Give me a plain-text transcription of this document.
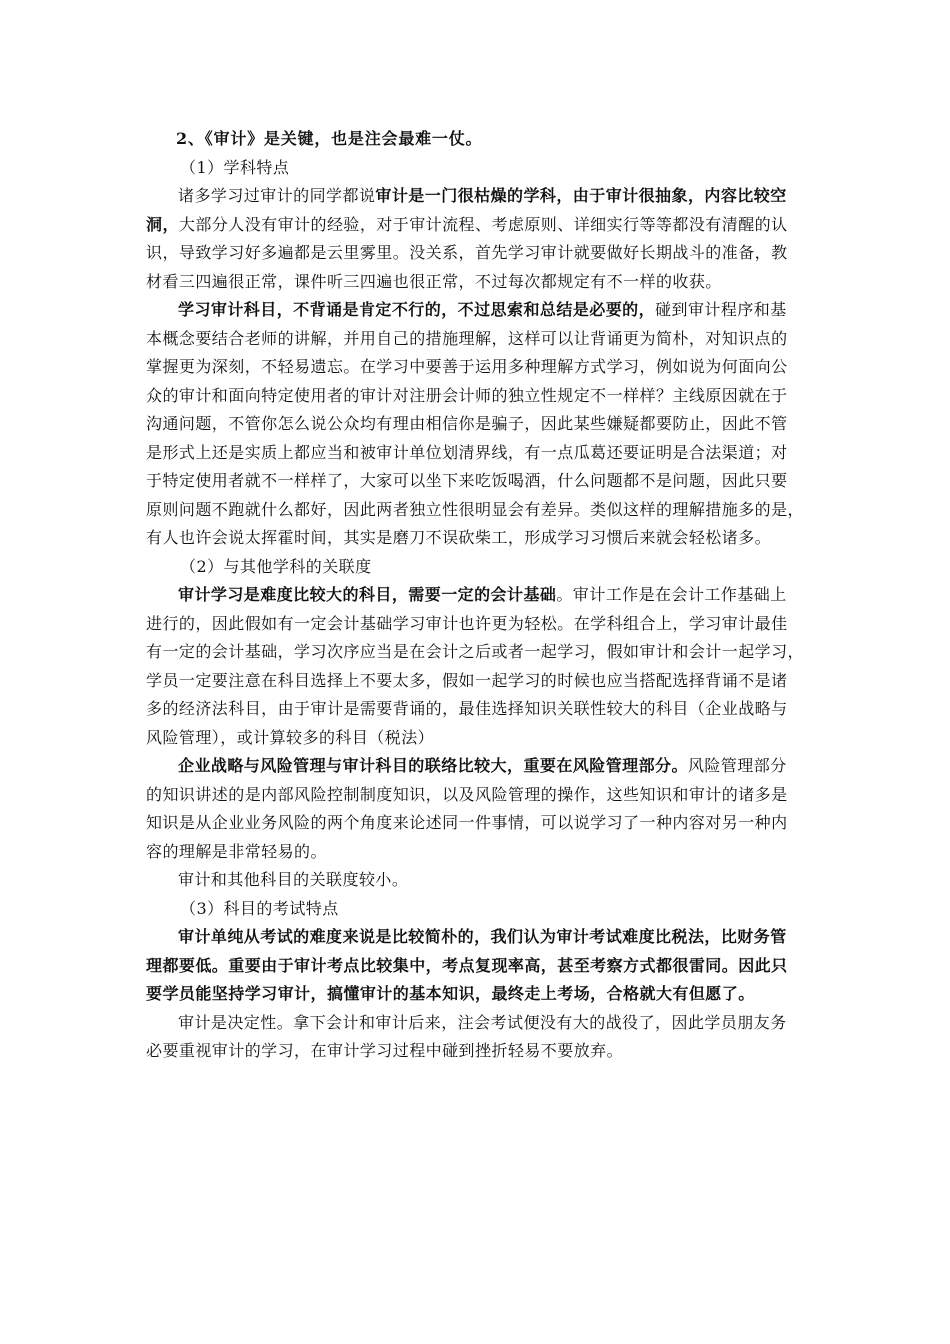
2、《审计》是关键，也是注会最难一仗。
（1）学科特点
诸多学习过审计的同学都说审计是一门很枯燥的学科，由于审计很抽象，内容比较空
洞，大部分人没有审计的经验，对于审计流程、考虑原则、详细实行等等都没有清醒的认
识，导致学习好多遍都是云里雾里。没关系，首先学习审计就要做好长期战斗的准备，教
材看三四遍很正常，课件听三四遍也很正常，不过每次都规定有不一样的收获。
学习审计科目，不背诵是肯定不行的，不过思索和总结是必要的，碰到审计程序和基
本概念要结合老师的讲解，并用自己的措施理解，这样可以让背诵更为简朴，对知识点的
掌握更为深刻，不轻易遗忘。在学习中要善于运用多种理解方式学习，例如说为何面向公
众的审计和面向特定使用者的审计对注册会计师的独立性规定不一样样？主线原因就在于
沟通问题，不管你怎么说公众均有理由相信你是骗子，因此某些嫌疑都要防止，因此不管
是形式上还是实质上都应当和被审计单位划清界线，有一点瓜葛还要证明是合法渠道；对
于特定使用者就不一样样了，大家可以坐下来吃饭喝酒，什么问题都不是问题，因此只要
原则问题不跑就什么都好，因此两者独立性很明显会有差异。类似这样的理解措施多的是，
有人也许会说太挥霍时间，其实是磨刀不误砍柴工，形成学习习惯后来就会轻松诸多。
（2）与其他学科的关联度
审计学习是难度比较大的科目，需要一定的会计基础。审计工作是在会计工作基础上
进行的，因此假如有一定会计基础学习审计也许更为轻松。在学科组合上，学习审计最佳
有一定的会计基础，学习次序应当是在会计之后或者一起学习，假如审计和会计一起学习，
学员一定要注意在科目选择上不要太多，假如一起学习的时候也应当搭配选择背诵不是诸
多的经济法科目，由于审计是需要背诵的，最佳选择知识关联性较大的科目（企业战略与
风险管理），或计算较多的科目（税法）
企业战略与风险管理与审计科目的联络比较大，重要在风险管理部分。风险管理部分
的知识讲述的是内部风险控制制度知识，以及风险管理的操作，这些知识和审计的诸多是
知识是从企业业务风险的两个角度来论述同一件事情，可以说学习了一种内容对另一种内
容的理解是非常轻易的。
审计和其他科目的关联度较小。
（3）科目的考试特点
审计单纯从考试的难度来说是比较简朴的，我们认为审计考试难度比税法，比财务管
理都要低。重要由于审计考点比较集中，考点复现率高，甚至考察方式都很雷同。因此只
要学员能坚持学习审计，搞懂审计的基本知识，最终走上考场，合格就大有但愿了。
审计是决定性。拿下会计和审计后来，注会考试便没有大的战役了，因此学员朋友务
必要重视审计的学习，在审计学习过程中碰到挫折轻易不要放弃。
